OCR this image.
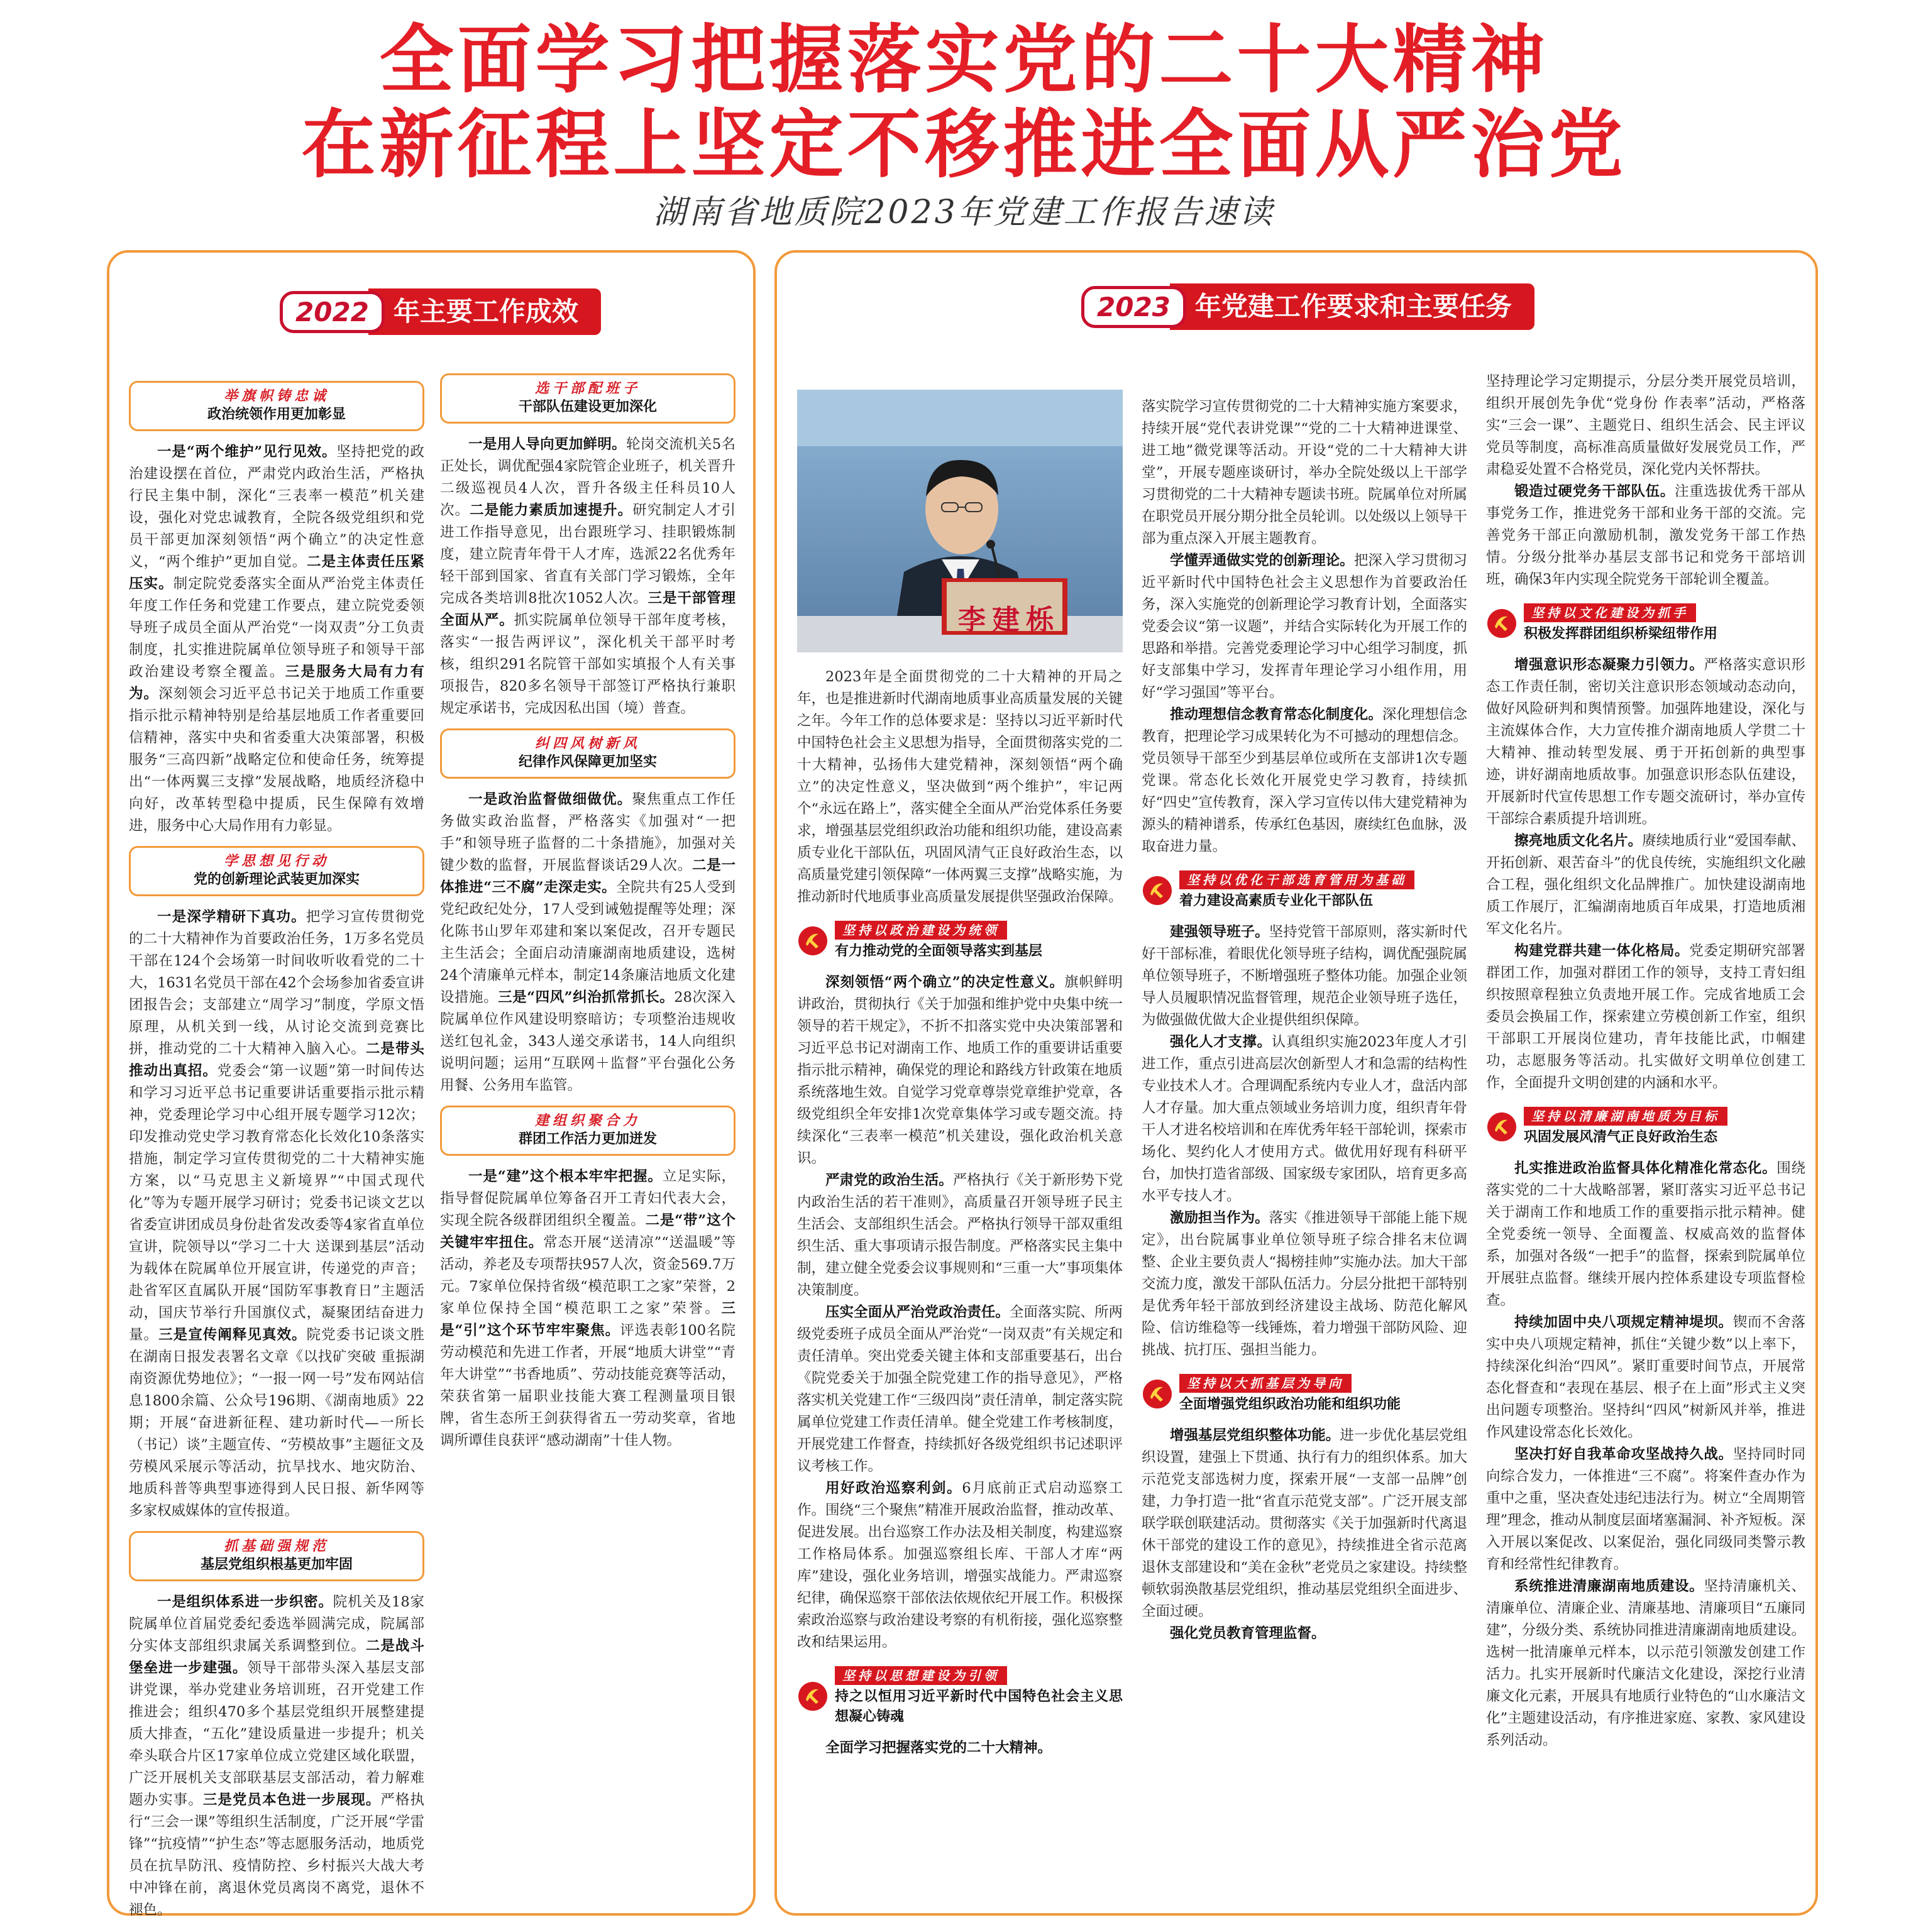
全面学习把握落实党的二十大精神
在新征程上坚定不移推进全面从严治党
湖南省地质院2023年党建工作报告速读
2022 年主要工作成效
举旗帜铸忠诚
政治统领作用更加彰显

一是“两个维护”见行见效。坚持把党的政治建设摆在首位，严肃党内政治生活，严格执行民主集中制，深化“三表率一模范”机关建设，强化对党忠诚教育，全院各级党组织和党员干部更加深刻领悟“两个确立”的决定性意义，“两个维护”更加自觉。二是主体责任压紧压实。制定院党委落实全面从严治党主体责任年度工作任务和党建工作要点，建立院党委领导班子成员全面从严治党“一岗双责”分工负责制度，扎实推进院属单位领导班子和领导干部政治建设考察全覆盖。三是服务大局有力有为。深刻领会习近平总书记关于地质工作重要指示批示精神特别是给基层地质工作者重要回信精神，落实中央和省委重大决策部署，积极服务“三高四新”战略定位和使命任务，统筹提出“一体两翼三支撑”发展战略，地质经济稳中向好，改革转型稳中提质，民生保障有效增进，服务中心大局作用有力彰显。

学思想见行动
党的创新理论武装更加深实

一是深学精研下真功。把学习宣传贯彻党的二十大精神作为首要政治任务，1万多名党员干部在124个会场第一时间收听收看党的二十大，1631名党员干部在42个会场参加省委宣讲团报告会；支部建立“周学习”制度，学原文悟原理，从机关到一线，从讨论交流到竞赛比拼，推动党的二十大精神入脑入心。二是带头推动出真招。党委会“第一议题”第一时间传达和学习习近平总书记重要讲话重要指示批示精神，党委理论学习中心组开展专题学习12次；印发推动党史学习教育常态化长效化10条落实措施，制定学习宣传贯彻党的二十大精神实施方案，以“马克思主义新境界”“中国式现代化”等为专题开展学习研讨；党委书记谈文艺以省委宣讲团成员身份赴省发改委等4家省直单位宣讲，院领导以“学习二十大 送课到基层”活动为载体在院属单位开展宣讲，传递党的声音；赴省军区直属队开展“国防军事教育日”主题活动，国庆节举行升国旗仪式，凝聚团结奋进力量。三是宣传阐释见真效。院党委书记谈文胜在湖南日报发表署名文章《以找矿突破 重振湖南资源优势地位》；“一报一网一号”发布网站信息1800余篇、公众号196期、《湖南地质》22期；开展“奋进新征程、建功新时代—一所长（书记）谈”主题宣传、“劳模故事”主题征文及劳模风采展示等活动，抗旱找水、地灾防治、地质科普等典型事迹得到人民日报、新华网等多家权威媒体的宣传报道。

抓基础强规范
基层党组织根基更加牢固

一是组织体系进一步织密。院机关及18家院属单位首届党委纪委选举圆满完成，院属部分实体支部组织隶属关系调整到位。二是战斗堡垒进一步建强。领导干部带头深入基层支部讲党课，举办党建业务培训班，召开党建工作推进会；组织470多个基层党组织开展整建提质大排查，“五化”建设质量进一步提升；机关牵头联合片区17家单位成立党建区域化联盟，广泛开展机关支部联基层支部活动，着力解难题办实事。三是党员本色进一步展现。严格执行“三会一课”等组织生活制度，广泛开展“学雷锋”“抗疫情”“护生态”等志愿服务活动，地质党员在抗旱防汛、疫情防控、乡村振兴大战大考中冲锋在前，离退休党员离岗不离党，退休不褪色。

选干部配班子
干部队伍建设更加深化

一是用人导向更加鲜明。轮岗交流机关5名正处长，调优配强4家院管企业班子，机关晋升二级巡视员4人次，晋升各级主任科员10人次。二是能力素质加速提升。研究制定人才引进工作指导意见，出台跟班学习、挂职锻炼制度，建立院青年骨干人才库，选派22名优秀年轻干部到国家、省直有关部门学习锻炼，全年完成各类培训8批次1052人次。三是干部管理全面从严。抓实院属单位领导干部年度考核，落实“一报告两评议”，深化机关干部平时考核，组织291名院管干部如实填报个人有关事项报告，820多名领导干部签订严格执行兼职规定承诺书，完成因私出国（境）普查。

纠四风树新风
纪律作风保障更加坚实

一是政治监督做细做优。聚焦重点工作任务做实政治监督，严格落实《加强对“一把手”和领导班子监督的二十条措施》，加强对关键少数的监督，开展监督谈话29人次。二是一体推进“三不腐”走深走实。全院共有25人受到党纪政纪处分，17人受到诫勉提醒等处理；深化陈书山罗年邓建和案以案促改，召开专题民主生活会；全面启动清廉湖南地质建设，选树24个清廉单元样本，制定14条廉洁地质文化建设措施。三是“四风”纠治抓常抓长。28次深入院属单位作风建设明察暗访；专项整治违规收送红包礼金，343人递交承诺书，14人向组织说明问题；运用“互联网＋监督”平台强化公务用餐、公务用车监管。

建组织聚合力
群团工作活力更加迸发

一是“建”这个根本牢牢把握。立足实际，指导督促院属单位筹备召开工青妇代表大会，实现全院各级群团组织全覆盖。二是“带”这个关键牢牢扭住。常态开展“送清凉”“送温暖”等活动，养老及专项帮扶957人次，资金569.7万元。7家单位保持省级“模范职工之家”荣誉，2家单位保持全国“模范职工之家”荣誉。三是“引”这个环节牢牢聚焦。评选表彰100名院劳动模范和先进工作者，开展“地质大讲堂”“青年大讲堂”“书香地质”、劳动技能竞赛等活动，荣获省第一届职业技能大赛工程测量项目银牌，省生态所王剑获得省五一劳动奖章，省地调所谭佳良获评“感动湖南”十佳人物。

2023 年党建工作要求和主要任务
李建栎

2023年是全面贯彻党的二十大精神的开局之年，也是推进新时代湖南地质事业高质量发展的关键之年。今年工作的总体要求是：坚持以习近平新时代中国特色社会主义思想为指导，全面贯彻落实党的二十大精神，弘扬伟大建党精神，深刻领悟“两个确立”的决定性意义，坚决做到“两个维护”，牢记两个“永远在路上”，落实健全全面从严治党体系任务要求，增强基层党组织政治功能和组织功能，建设高素质专业化干部队伍，巩固风清气正良好政治生态，以高质量党建引领保障“一体两翼三支撑”战略实施，为推动新时代地质事业高质量发展提供坚强政治保障。

坚持以政治建设为统领
有力推动党的全面领导落实到基层

深刻领悟“两个确立”的决定性意义。旗帜鲜明讲政治，贯彻执行《关于加强和维护党中央集中统一领导的若干规定》，不折不扣落实党中央决策部署和习近平总书记对湖南工作、地质工作的重要讲话重要指示批示精神，确保党的理论和路线方针政策在地质系统落地生效。自觉学习党章尊崇党章维护党章，各级党组织全年安排1次党章集体学习或专题交流。持续深化“三表率一模范”机关建设，强化政治机关意识。

严肃党的政治生活。严格执行《关于新形势下党内政治生活的若干准则》，高质量召开领导班子民主生活会、支部组织生活会。严格执行领导干部双重组织生活、重大事项请示报告制度。严格落实民主集中制，建立健全党委会议事规则和“三重一大”事项集体决策制度。

压实全面从严治党政治责任。全面落实院、所两级党委班子成员全面从严治党“一岗双责”有关规定和责任清单。突出党委关键主体和支部重要基石，出台《院党委关于加强全院党建工作的指导意见》，严格落实机关党建工作“三级四岗”责任清单，制定落实院属单位党建工作责任清单。健全党建工作考核制度，开展党建工作督查，持续抓好各级党组织书记述职评议考核工作。

用好政治巡察利剑。6月底前正式启动巡察工作。围绕“三个聚焦”精准开展政治监督，推动改革、促进发展。出台巡察工作办法及相关制度，构建巡察工作格局体系。加强巡察组长库、干部人才库“两库”建设，强化业务培训，增强实战能力。严肃巡察纪律，确保巡察干部依法依规依纪开展工作。积极探索政治巡察与政治建设考察的有机衔接，强化巡察整改和结果运用。

坚持以思想建设为引领
持之以恒用习近平新时代中国特色社会主义思想凝心铸魂

全面学习把握落实党的二十大精神。

落实院学习宣传贯彻党的二十大精神实施方案要求，持续开展“党代表讲党课”“党的二十大精神进课堂、进工地”微党课等活动。开设“党的二十大精神大讲堂”，开展专题座谈研讨，举办全院处级以上干部学习贯彻党的二十大精神专题读书班。院属单位对所属在职党员开展分期分批全员轮训。以处级以上领导干部为重点深入开展主题教育。

学懂弄通做实党的创新理论。把深入学习贯彻习近平新时代中国特色社会主义思想作为首要政治任务，深入实施党的创新理论学习教育计划，全面落实党委会议“第一议题”，并结合实际转化为开展工作的思路和举措。完善党委理论学习中心组学习制度，抓好支部集中学习，发挥青年理论学习小组作用，用好“学习强国”等平台。

推动理想信念教育常态化制度化。深化理想信念教育，把理论学习成果转化为不可撼动的理想信念。党员领导干部至少到基层单位或所在支部讲1次专题党课。常态化长效化开展党史学习教育，持续抓好“四史”宣传教育，深入学习宣传以伟大建党精神为源头的精神谱系，传承红色基因，赓续红色血脉，汲取奋进力量。

坚持以优化干部选育管用为基础
着力建设高素质专业化干部队伍

建强领导班子。坚持党管干部原则，落实新时代好干部标准，着眼优化领导班子结构，调优配强院属单位领导班子，不断增强班子整体功能。加强企业领导人员履职情况监督管理，规范企业领导班子选任，为做强做优做大企业提供组织保障。

强化人才支撑。认真组织实施2023年度人才引进工作，重点引进高层次创新型人才和急需的结构性专业技术人才。合理调配系统内专业人才，盘活内部人才存量。加大重点领域业务培训力度，组织青年骨干人才进名校培训和在库优秀年轻干部轮训，探索市场化、契约化人才使用方式。做优用好现有科研平台，加快打造省部级、国家级专家团队，培育更多高水平专技人才。

激励担当作为。落实《推进领导干部能上能下规定》，出台院属事业单位领导班子综合排名末位调整、企业主要负责人“揭榜挂帅”实施办法。加大干部交流力度，激发干部队伍活力。分层分批把干部特别是优秀年轻干部放到经济建设主战场、防范化解风险、信访维稳等一线锤炼，着力增强干部防风险、迎挑战、抗打压、强担当能力。

坚持以大抓基层为导向
全面增强党组织政治功能和组织功能

增强基层党组织整体功能。进一步优化基层党组织设置，建强上下贯通、执行有力的组织体系。加大示范党支部选树力度，探索开展“一支部一品牌”创建，力争打造一批“省直示范党支部”。广泛开展支部联学联创联建活动。贯彻落实《关于加强新时代离退休干部党的建设工作的意见》，持续推进全省示范离退休支部建设和“美在金秋”老党员之家建设。持续整顿软弱涣散基层党组织，推动基层党组织全面进步、全面过硬。

强化党员教育管理监督。

坚持理论学习定期提示，分层分类开展党员培训，组织开展创先争优“党身份 作表率”活动，严格落实“三会一课”、主题党日、组织生活会、民主评议党员等制度，高标准高质量做好发展党员工作，严肃稳妥处置不合格党员，深化党内关怀帮扶。

锻造过硬党务干部队伍。注重选拔优秀干部从事党务工作，推进党务干部和业务干部的交流。完善党务干部正向激励机制，激发党务干部工作热情。分级分批举办基层支部书记和党务干部培训班，确保3年内实现全院党务干部轮训全覆盖。

坚持以文化建设为抓手
积极发挥群团组织桥梁纽带作用

增强意识形态凝聚力引领力。严格落实意识形态工作责任制，密切关注意识形态领域动态动向，做好风险研判和舆情预警。加强阵地建设，深化与主流媒体合作，大力宣传推介湖南地质人学贯二十大精神、推动转型发展、勇于开拓创新的典型事迹，讲好湖南地质故事。加强意识形态队伍建设，开展新时代宣传思想工作专题交流研讨，举办宣传干部综合素质提升培训班。

擦亮地质文化名片。赓续地质行业“爱国奉献、开拓创新、艰苦奋斗”的优良传统，实施组织文化融合工程，强化组织文化品牌推广。加快建设湖南地质工作展厅，汇编湖南地质百年成果，打造地质湘军文化名片。

构建党群共建一体化格局。党委定期研究部署群团工作，加强对群团工作的领导，支持工青妇组织按照章程独立负责地开展工作。完成省地质工会委员会换届工作，探索建立劳模创新工作室，组织干部职工开展岗位建功，青年技能比武，巾帼建功，志愿服务等活动。扎实做好文明单位创建工作，全面提升文明创建的内涵和水平。

坚持以清廉湖南地质为目标
巩固发展风清气正良好政治生态

扎实推进政治监督具体化精准化常态化。围绕落实党的二十大战略部署，紧盯落实习近平总书记关于湖南工作和地质工作的重要指示批示精神。健全党委统一领导、全面覆盖、权威高效的监督体系，加强对各级“一把手”的监督，探索到院属单位开展驻点监督。继续开展内控体系建设专项监督检查。

持续加固中央八项规定精神堤坝。锲而不舍落实中央八项规定精神，抓住“关键少数”以上率下，持续深化纠治“四风”。紧盯重要时间节点，开展常态化督查和“表现在基层、根子在上面”形式主义突出问题专项整治。坚持纠“四风”树新风并举，推进作风建设常态化长效化。

坚决打好自我革命攻坚战持久战。坚持同时同向综合发力，一体推进“三不腐”。将案件查办作为重中之重，坚决查处违纪违法行为。树立“全周期管理”理念，推动从制度层面堵塞漏洞、补齐短板。深入开展以案促改、以案促治，强化同级同类警示教育和经常性纪律教育。

系统推进清廉湖南地质建设。坚持清廉机关、清廉单位、清廉企业、清廉基地、清廉项目“五廉同建”，分级分类、系统协同推进清廉湖南地质建设。选树一批清廉单元样本，以示范引领激发创建工作活力。扎实开展新时代廉洁文化建设，深挖行业清廉文化元素，开展具有地质行业特色的“山水廉洁文化”主题建设活动，有序推进家庭、家教、家风建设系列活动。
